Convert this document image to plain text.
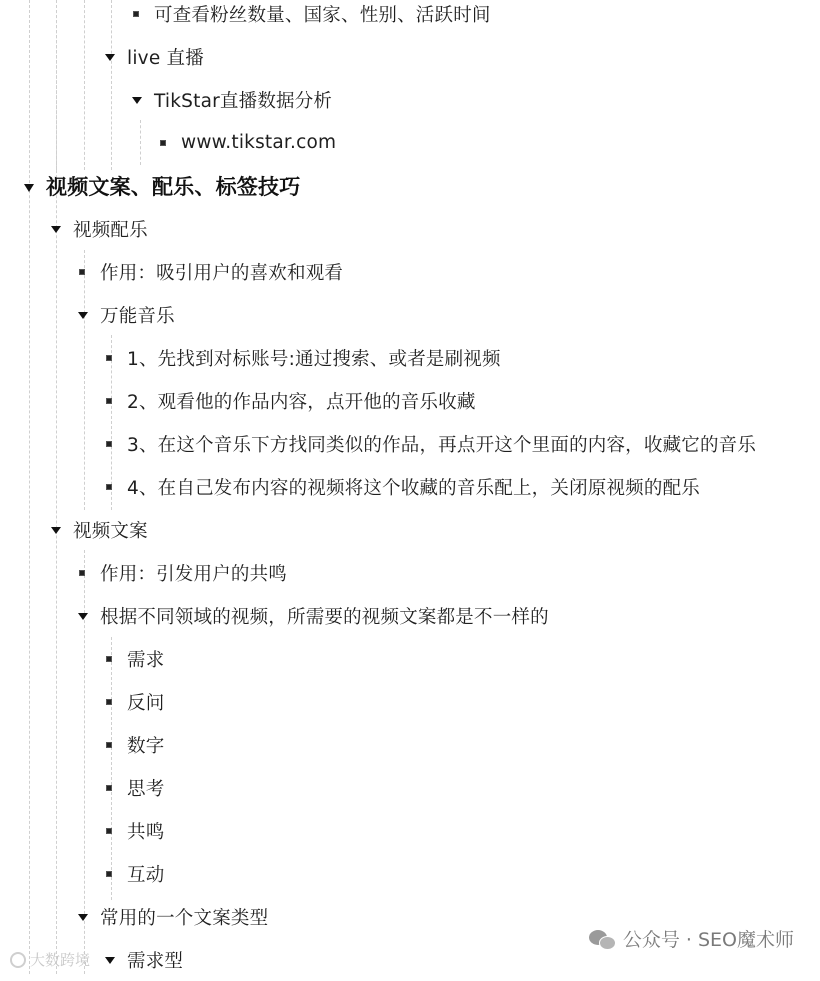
可查看粉丝数量、国家、性别、活跃时间
live 直播
TikStar直播数据分析
www.tikstar.com
视频文案、配乐、标签技巧
视频配乐
作用：吸引用户的喜欢和观看
万能音乐
1、先找到对标账号:通过搜索、或者是刷视频
2、观看他的作品内容，点开他的音乐收藏
3、在这个音乐下方找同类似的作品，再点开这个里面的内容，收藏它的音乐
4、在自己发布内容的视频将这个收藏的音乐配上，关闭原视频的配乐
视频文案
作用：引发用户的共鸣
根据不同领域的视频，所需要的视频文案都是不一样的
需求
反问
数字
思考
共鸣
互动
常用的一个文案类型
需求型
公众号 · SEO魔术师
大数跨境
